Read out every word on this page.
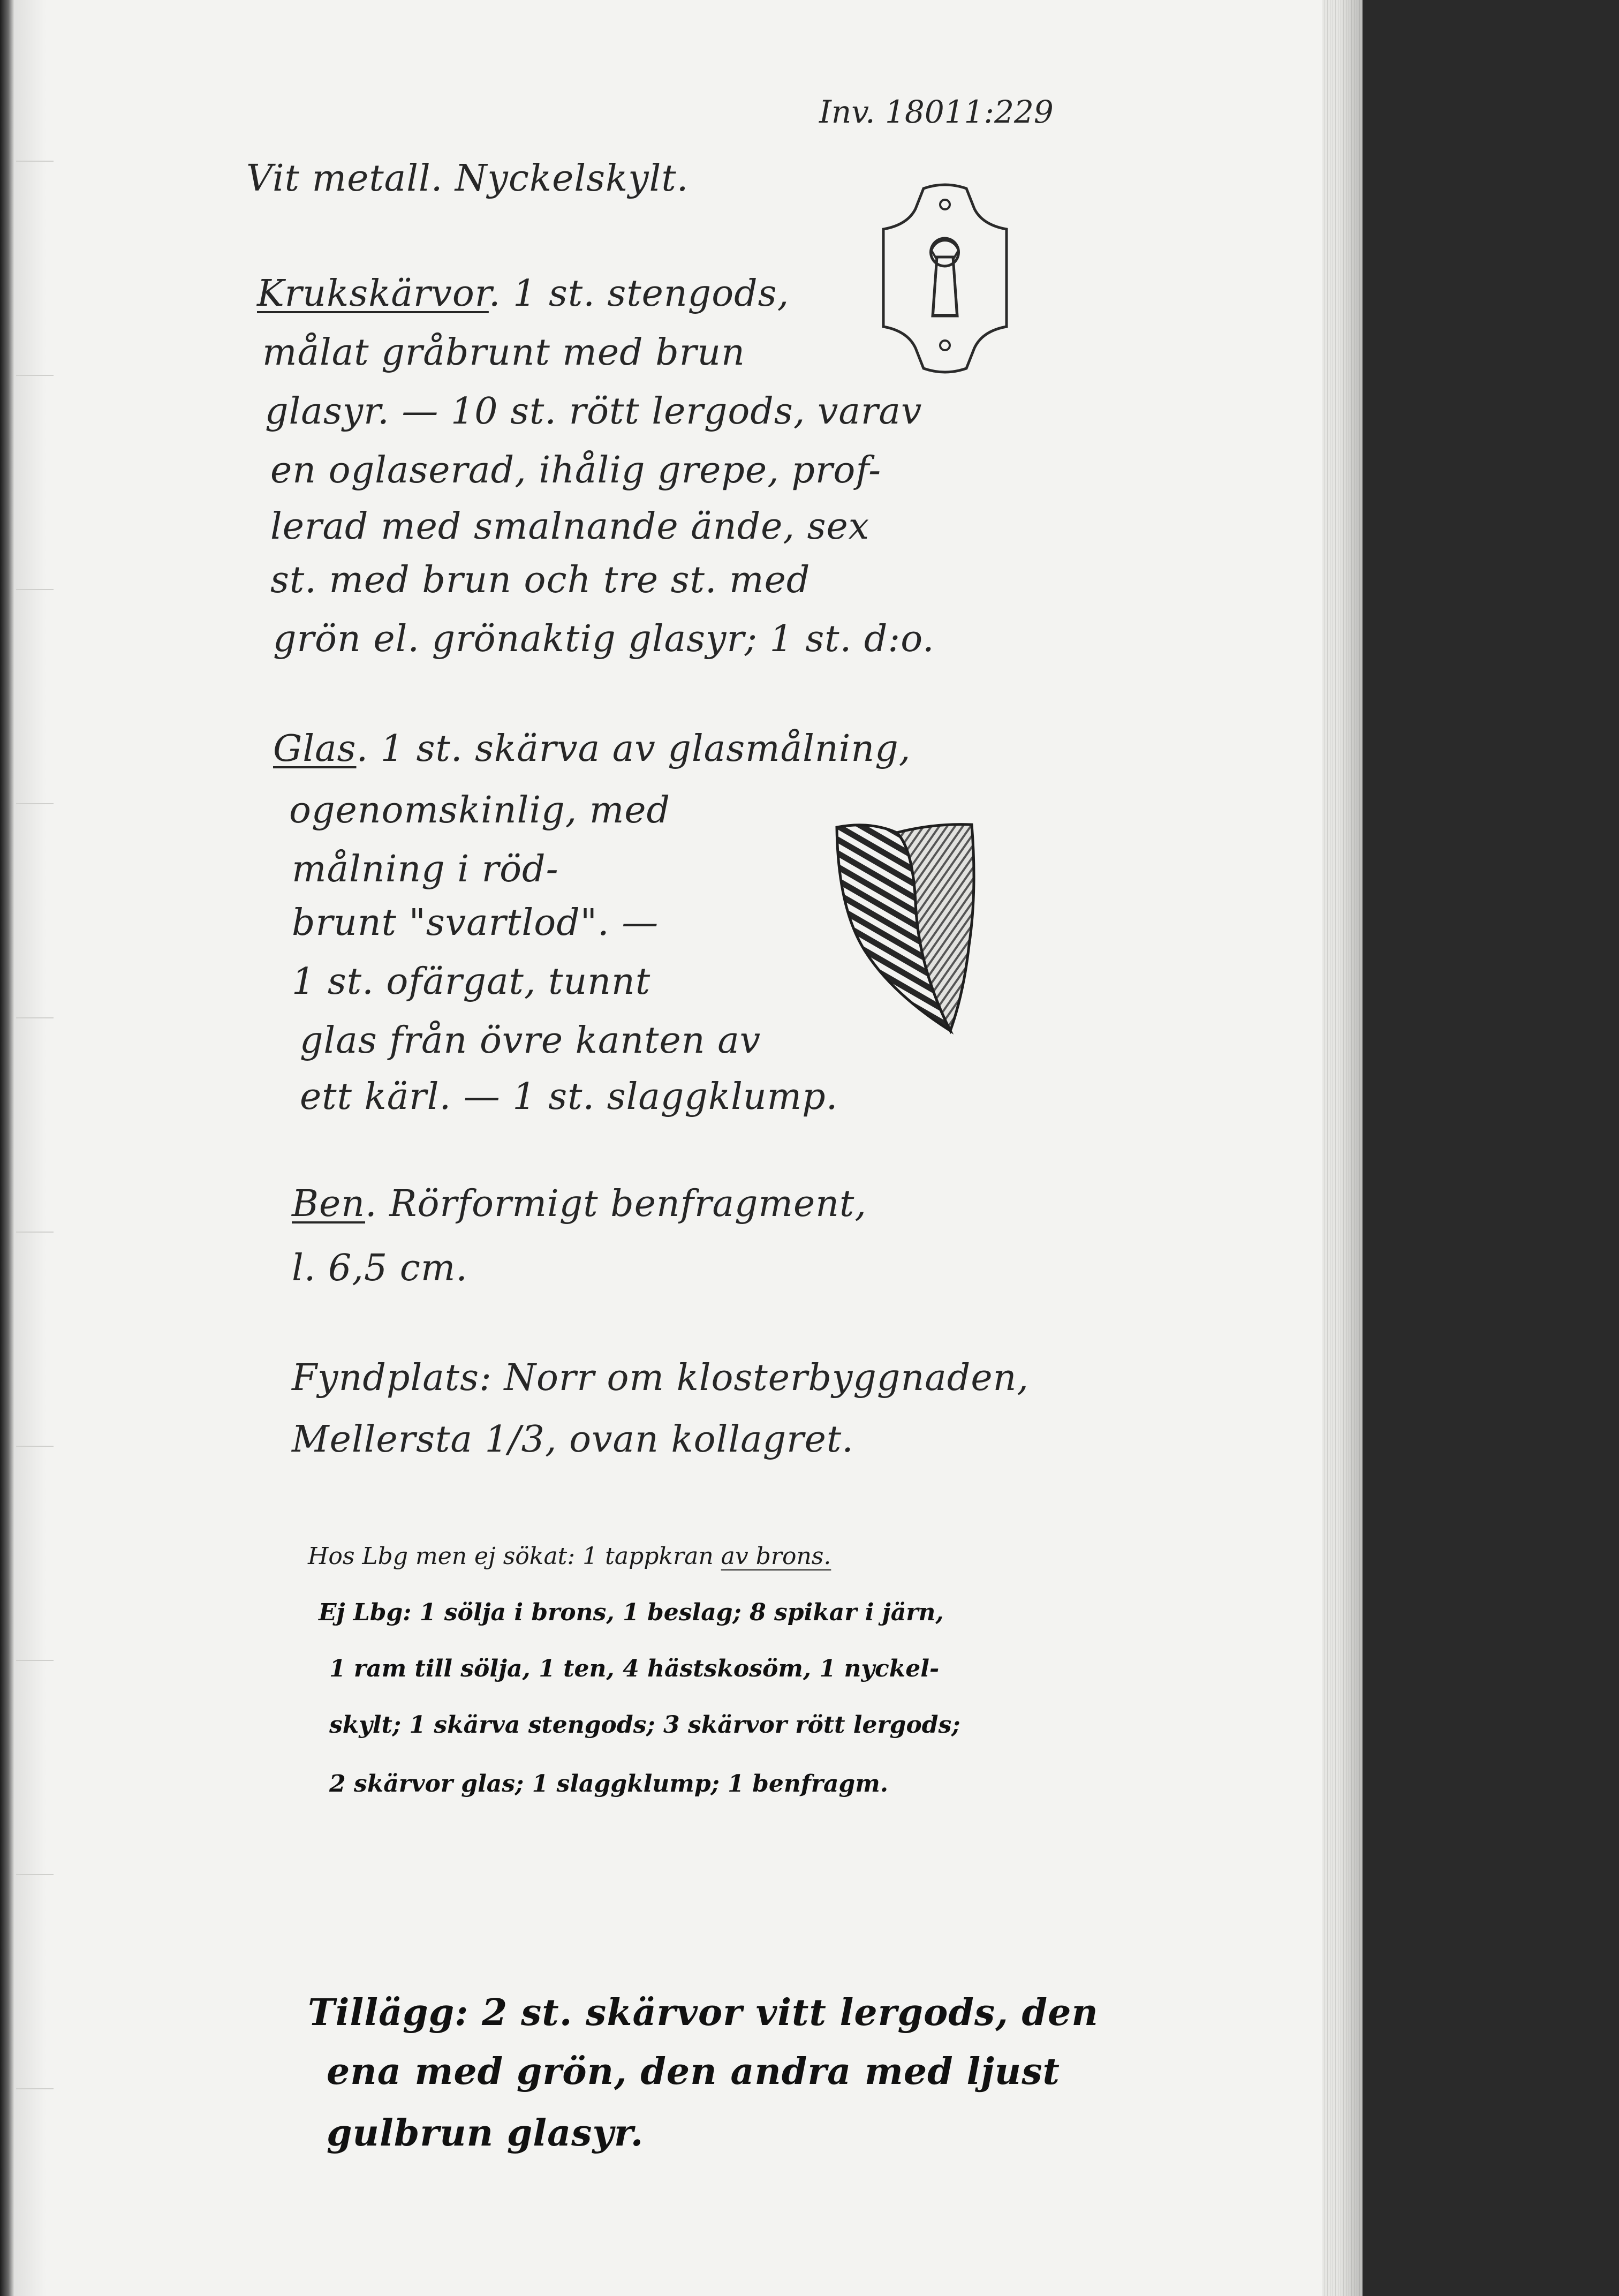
Inv. 18011:229

Vit metall. Nyckelskylt.

Krukskärvor. 1 st. stengods,

målat gråbrunt med brun

glasyr. — 10 st. rött lergods, varav

en oglaserad, ihålig grepe, prof-

lerad med smalnande ände, sex

st. med brun och tre st. med

grön el. grönaktig glasyr; 1 st. d:o.

Glas. 1 st. skärva av glasmålning,

ogenomskinlig, med

målning i röd-

brunt "svartlod". —

1 st. ofärgat, tunnt

glas från övre kanten av

ett kärl. — 1 st. slaggklump.

Ben. Rörformigt benfragment,

l. 6,5 cm.

Fyndplats: Norr om klosterbyggnaden,

Mellersta 1/3, ovan kollagret.

Hos Lbg men ej sökat: 1 tappkran av brons.

Ej Lbg: 1 sölja i brons, 1 beslag; 8 spikar i järn,

1 ram till sölja, 1 ten, 4 hästskosöm, 1 nyckel-

skylt; 1 skärva stengods; 3 skärvor rött lergods;

2 skärvor glas; 1 slaggklump; 1 benfragm.

Tillägg: 2 st. skärvor vitt lergods, den

ena med grön, den andra med ljust

gulbrun glasyr.
